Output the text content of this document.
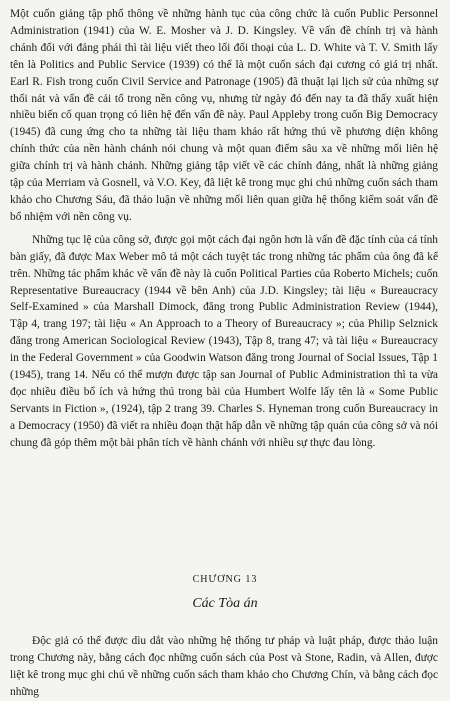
Một cuốn giảng tập phổ thông về những hành tục của công chức là cuốn Public Personnel Administration (1941) của W. E. Mosher và J. D. Kingsley. Về vấn đề chính trị và hành chánh đối với đảng phái thì tài liệu viết theo lối đối thoại của L. D. White và T. V. Smith lấy tên là Politics and Public Service (1939) có thể là một cuốn sách đại cương có giá trị nhất. Earl R. Fish trong cuốn Civil Service and Patronage (1905) đã thuật lại lịch sử của những sự thối nát và vấn đề cải tổ trong nền công vụ, nhưng từ ngày đó đến nay ta đã thấy xuất hiện nhiều biến cố quan trọng có liên hệ đến vấn đề này. Paul Appleby trong cuốn Big Democracy (1945) đã cung ứng cho ta những tài liệu tham khảo rất hứng thú về phương diện không chính thức của nền hành chánh nói chung và một quan điểm sâu xa về những mối liên hệ giữa chính trị và hành chánh. Những giảng tập viết về các chính đảng, nhất là những giảng tập của Merriam và Gosnell, và V.O. Key, đã liệt kê trong mục ghi chú những cuốn sách tham khảo cho Chương Sáu, đã thảo luận về những mối liên quan giữa hệ thống kiểm soát vấn đề bổ nhiệm với nền công vụ.

Những tục lệ của công sở, được gọi một cách đại ngôn hơn là vấn đề đặc tính của cá tính bàn giấy, đã được Max Weber mô tả một cách tuyệt tác trong những tác phẩm của ông đã kể trên. Những tác phẩm khác về vấn đề này là cuốn Political Parties của Roberto Michels; cuốn Representative Bureaucracy (1944 về bên Anh) của J.D. Kingsley; tài liệu « Bureaucracy Self-Examined » của Marshall Dimock, đăng trong Public Administration Review (1944), Tập 4, trang 197; tài liệu « An Approach to a Theory of Bureaucracy »; của Philip Selznick đăng trong American Sociological Review (1943), Tập 8, trang 47; và tài liệu « Bureaucracy in the Federal Government » của Goodwin Watson đăng trong Journal of Social Issues, Tập 1 (1945), trang 14. Nếu có thể mượn được tập san Journal of Public Administration thì ta vừa đọc nhiều điều bổ ích và hứng thú trong bài của Humbert Wolfe lấy tên là « Some Public Servants in Fiction », (1924), tập 2 trang 39. Charles S. Hyneman trong cuốn Bureaucracy in a Democracy (1950) đã viết ra nhiều đoạn thật hấp dẫn về những tập quán của công sở và nói chung đã góp thêm một bài phân tích về hành chánh với nhiều sự thực đau lòng.

CHƯƠNG 13
Các Tòa án

Độc giả có thể được dìu dắt vào những hệ thống tư pháp và luật pháp, được thảo luận trong Chương này, bằng cách đọc những cuốn sách của Post và Stone, Radin, và Allen, được liệt kê trong mục ghi chú về những cuốn sách tham khảo cho Chương Chín, và bằng cách đọc những
